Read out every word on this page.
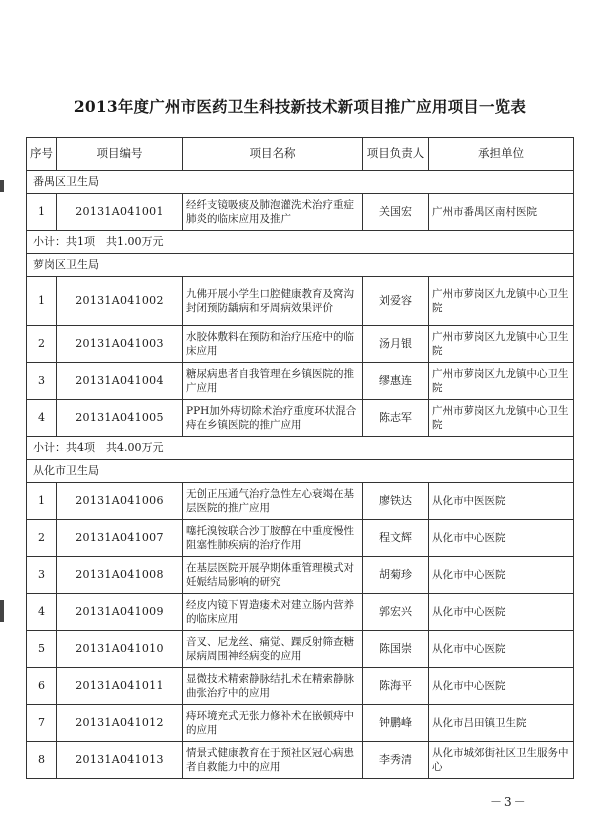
2013年度广州市医药卫生科技新技术新项目推广应用项目一览表
序号	项目编号	项目名称	项目负责人	承担单位
番禺区卫生局				
1	20131A041001	经纤支镜吸痰及肺泡灌洗术治疗重症肺炎的临床应用及推广	关国宏	广州市番禺区南村医院
小计：共1项　共1.00万元				
萝岗区卫生局				
1	20131A041002	九佛开展小学生口腔健康教育及窝沟封闭预防龋病和牙周病效果评价	刘爱容	广州市萝岗区九龙镇中心卫生院
2	20131A041003	水胶体敷料在预防和治疗压疮中的临床应用	汤月银	广州市萝岗区九龙镇中心卫生院
3	20131A041004	糖尿病患者自我管理在乡镇医院的推广应用	缪惠连	广州市萝岗区九龙镇中心卫生院
4	20131A041005	PPH加外痔切除术治疗重度环状混合痔在乡镇医院的推广应用	陈志军	广州市萝岗区九龙镇中心卫生院
小计：共4项　共4.00万元				
从化市卫生局				
1	20131A041006	无创正压通气治疗急性左心衰竭在基层医院的推广应用	廖铁达	从化市中医医院
2	20131A041007	噻托溴铵联合沙丁胺醇在中重度慢性阻塞性肺疾病的治疗作用	程文辉	从化市中心医院
3	20131A041008	在基层医院开展孕期体重管理模式对妊娠结局影响的研究	胡菊珍	从化市中心医院
4	20131A041009	经皮内镜下胃造瘘术对建立肠内营养的临床应用	郭宏兴	从化市中心医院
5	20131A041010	音叉、尼龙丝、痛觉、踝反射筛查糖尿病周围神经病变的应用	陈国崇	从化市中心医院
6	20131A041011	显微技术精索静脉结扎术在精索静脉曲张治疗中的应用	陈海平	从化市中心医院
7	20131A041012	痔环境充式无张力修补术在嵌顿痔中的应用	钟鹏峰	从化市吕田镇卫生院
8	20131A041013	情景式健康教育在于预社区冠心病患者自救能力中的应用	李秀清	从化市城郊街社区卫生服务中心
－3－
